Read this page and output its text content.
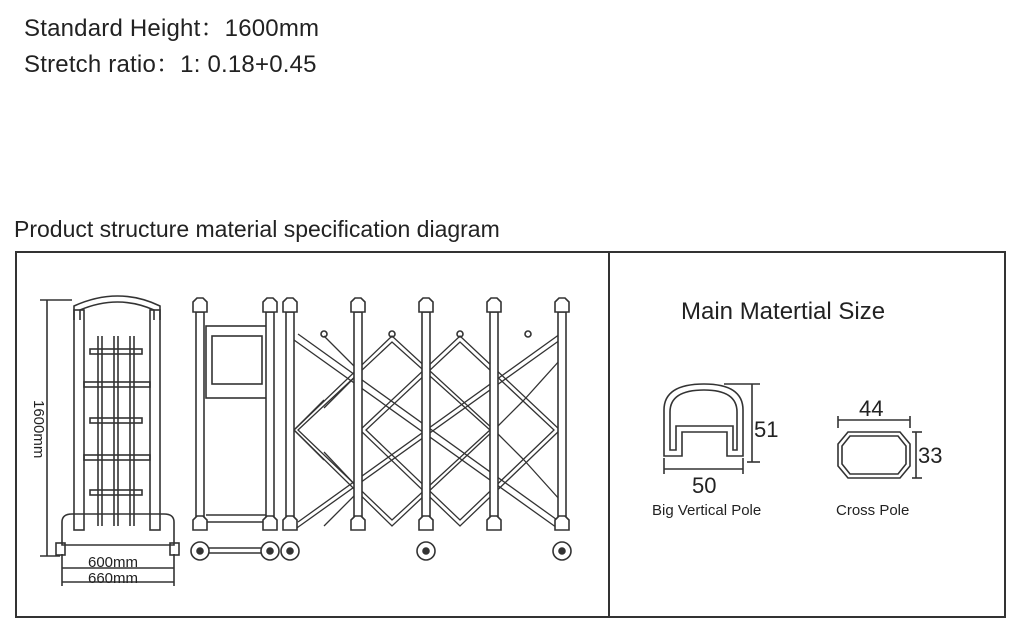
Standard Height：1600mm
Stretch ratio：1: 0.18+0.45
Product structure material specification diagram
1600mm
600mm
660mm
Main Matertial Size
51
50
44
33
Big Vertical Pole	Cross Pole
